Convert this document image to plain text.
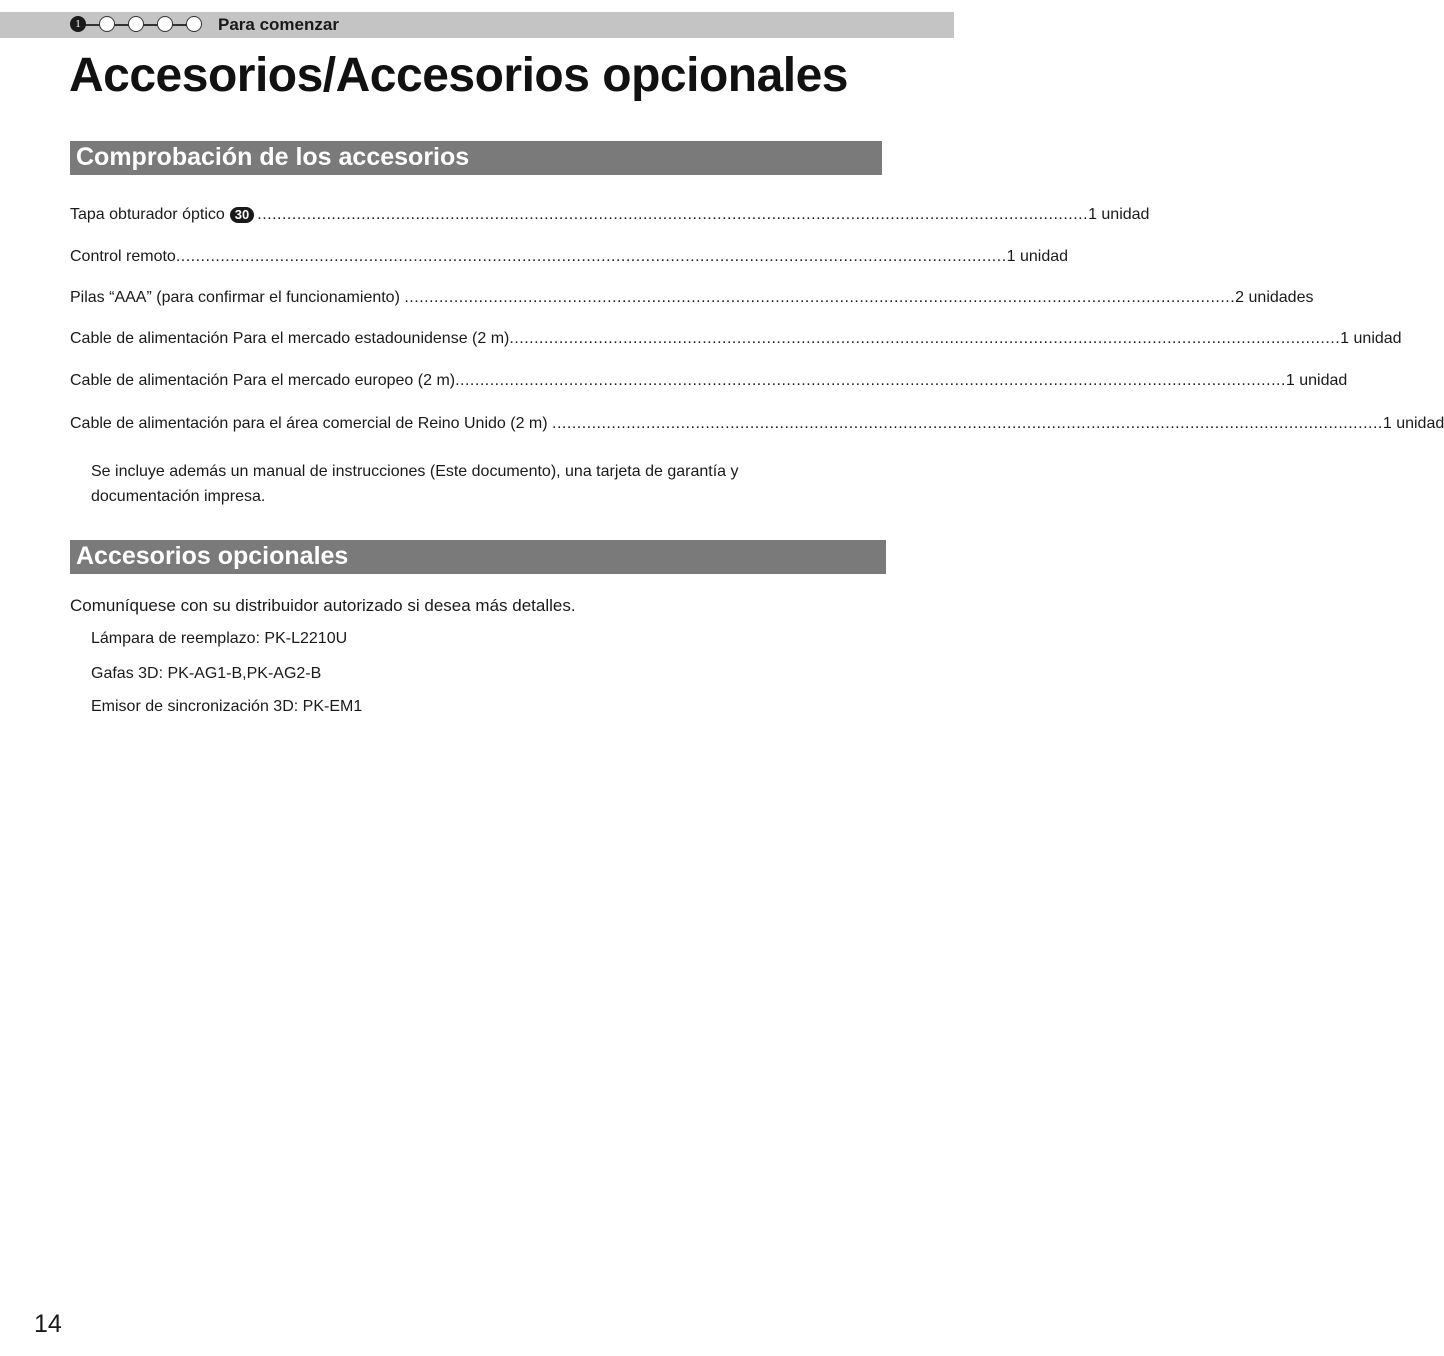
1	Para comenzar
Accesorios/Accesorios opcionales
Comprobación de los accesorios
Tapa obturador óptico 30 ........................................................................................................................................................................ 1 unidad
Control remoto ........................................................................................................................................................................ 1 unidad
Pilas “AAA” (para confirmar el funcionamiento) ........................................................................................................................................................................ 2 unidades
Cable de alimentación Para el mercado estadounidense (2 m) ........................................................................................................................................................................ 1 unidad
Cable de alimentación Para el mercado europeo (2 m) ........................................................................................................................................................................ 1 unidad
Cable de alimentación para el área comercial de Reino Unido (2 m) ........................................................................................................................................................................ 1 unidad

Se incluye además un manual de instrucciones (Este documento), una tarjeta de garantía y documentación impresa.

Accesorios opcionales

Comuníquese con su distribuidor autorizado si desea más detalles.

Lámpara de reemplazo: PK-L2210U

Gafas 3D: PK-AG1-B,PK-AG2-B

Emisor de sincronización 3D: PK-EM1

14
